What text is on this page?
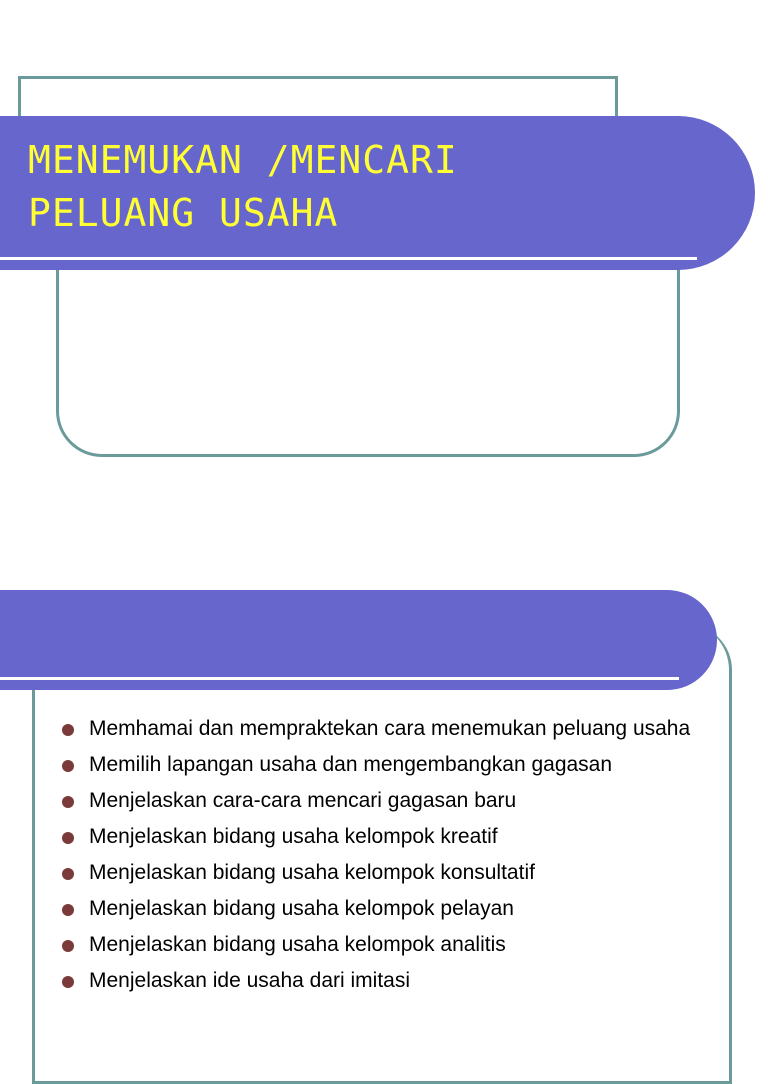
MENEMUKAN /MENCARI
PELUANG USAHA
Memhamai dan mempraktekan cara menemukan peluang usaha
Memilih lapangan usaha dan mengembangkan gagasan
Menjelaskan cara-cara mencari gagasan baru
Menjelaskan bidang usaha kelompok kreatif
Menjelaskan bidang usaha kelompok konsultatif
Menjelaskan bidang usaha kelompok pelayan
Menjelaskan bidang usaha kelompok analitis
Menjelaskan ide usaha dari imitasi
